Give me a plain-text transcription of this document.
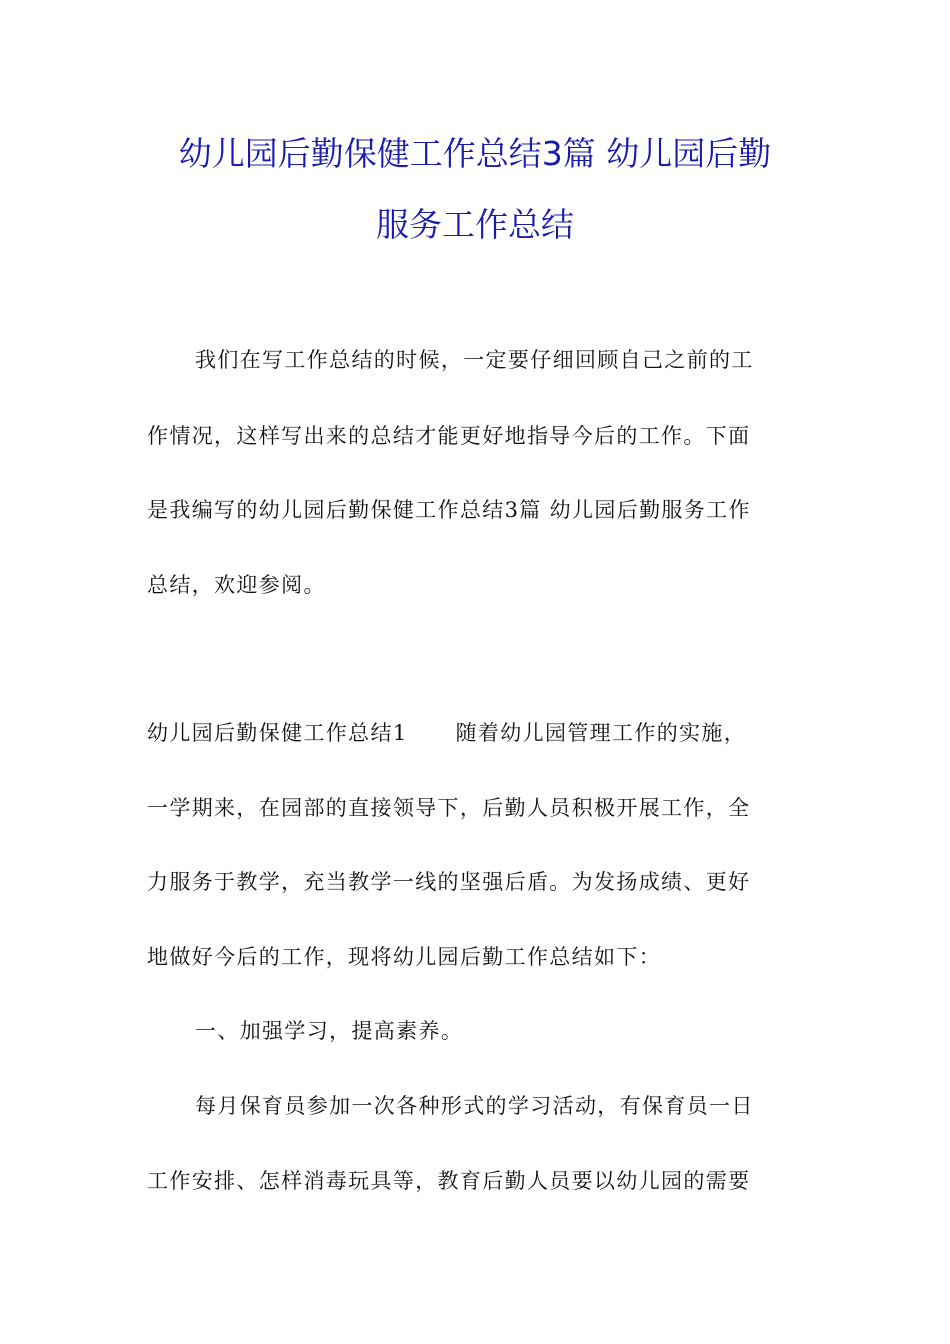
幼儿园后勤保健工作总结3篇 幼儿园后勤
服务工作总结
我们在写工作总结的时候，一定要仔细回顾自己之前的工
作情况，这样写出来的总结才能更好地指导今后的工作。下面
是我编写的幼儿园后勤保健工作总结3篇 幼儿园后勤服务工作
总结，欢迎参阅。
幼儿园后勤保健工作总结1 随着幼儿园管理工作的实施，
一学期来，在园部的直接领导下，后勤人员积极开展工作，全
力服务于教学，充当教学一线的坚强后盾。为发扬成绩、更好
地做好今后的工作，现将幼儿园后勤工作总结如下：
一、加强学习，提高素养。
每月保育员参加一次各种形式的学习活动，有保育员一日
工作安排、怎样消毒玩具等，教育后勤人员要以幼儿园的需要
